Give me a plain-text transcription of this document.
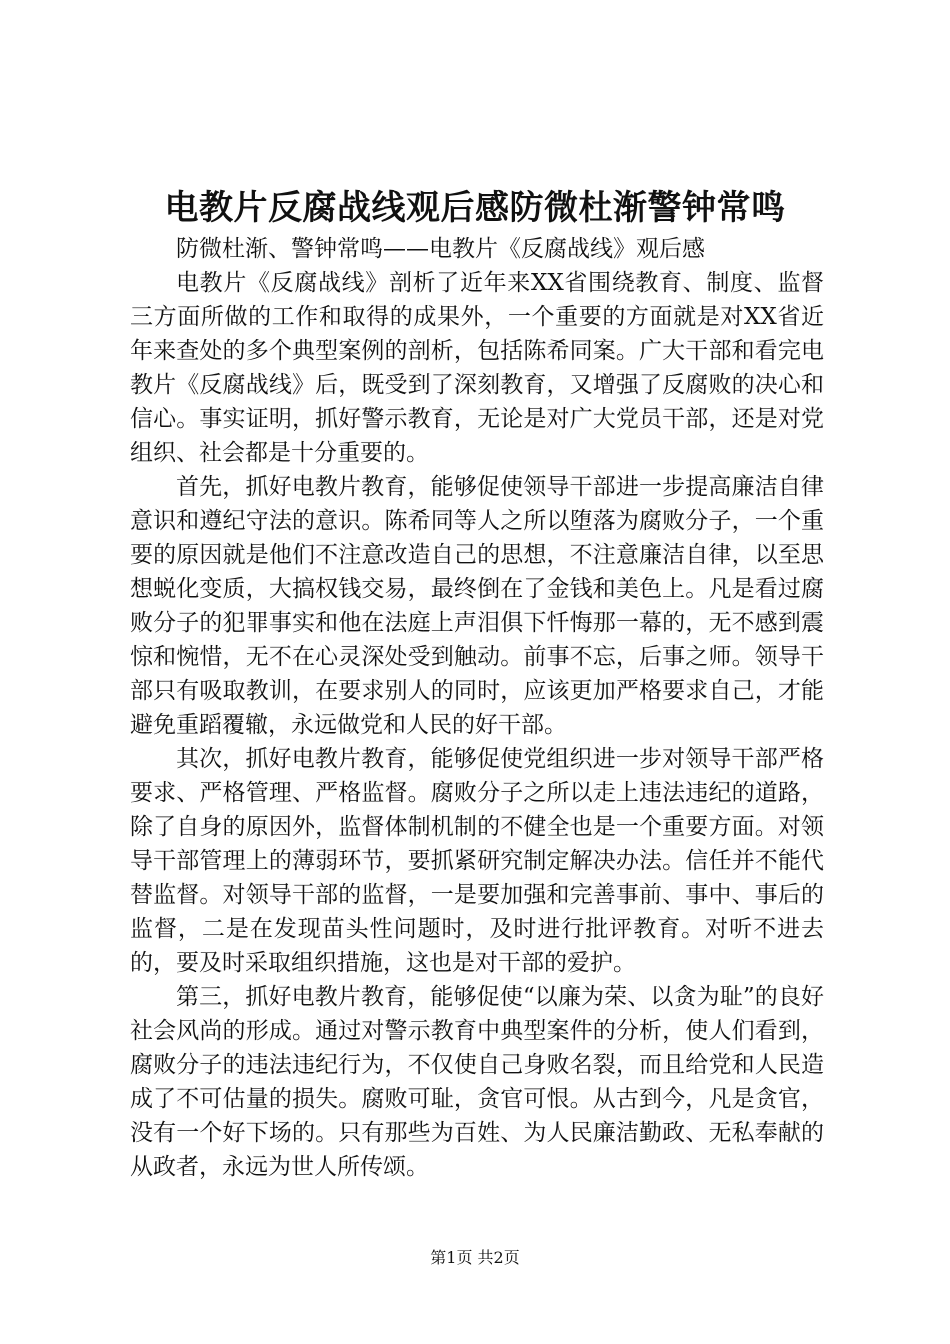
电教片反腐战线观后感防微杜渐警钟常鸣

防微杜渐、警钟常鸣——电教片《反腐战线》观后感

电教片《反腐战线》剖析了近年来XX省围绕教育、制度、监督三方面所做的工作和取得的成果外，一个重要的方面就是对XX省近年来查处的多个典型案例的剖析，包括陈希同案。广大干部和看完电教片《反腐战线》后，既受到了深刻教育，又增强了反腐败的决心和信心。事实证明，抓好警示教育，无论是对广大党员干部，还是对党组织、社会都是十分重要的。

首先，抓好电教片教育，能够促使领导干部进一步提高廉洁自律意识和遵纪守法的意识。陈希同等人之所以堕落为腐败分子，一个重要的原因就是他们不注意改造自己的思想，不注意廉洁自律，以至思想蜕化变质，大搞权钱交易，最终倒在了金钱和美色上。凡是看过腐败分子的犯罪事实和他在法庭上声泪俱下忏悔那一幕的，无不感到震惊和惋惜，无不在心灵深处受到触动。前事不忘，后事之师。领导干部只有吸取教训，在要求别人的同时，应该更加严格要求自己，才能避免重蹈覆辙，永远做党和人民的好干部。

其次，抓好电教片教育，能够促使党组织进一步对领导干部严格要求、严格管理、严格监督。腐败分子之所以走上违法违纪的道路，除了自身的原因外，监督体制机制的不健全也是一个重要方面。对领导干部管理上的薄弱环节，要抓紧研究制定解决办法。信任并不能代替监督。对领导干部的监督，一是要加强和完善事前、事中、事后的监督，二是在发现苗头性问题时，及时进行批评教育。对听不进去的，要及时采取组织措施，这也是对干部的爱护。

第三，抓好电教片教育，能够促使“以廉为荣、以贪为耻”的良好社会风尚的形成。通过对警示教育中典型案件的分析，使人们看到，腐败分子的违法违纪行为，不仅使自己身败名裂，而且给党和人民造成了不可估量的损失。腐败可耻，贪官可恨。从古到今，凡是贪官，没有一个好下场的。只有那些为百姓、为人民廉洁勤政、无私奉献的从政者，永远为世人所传颂。

第1页 共2页
